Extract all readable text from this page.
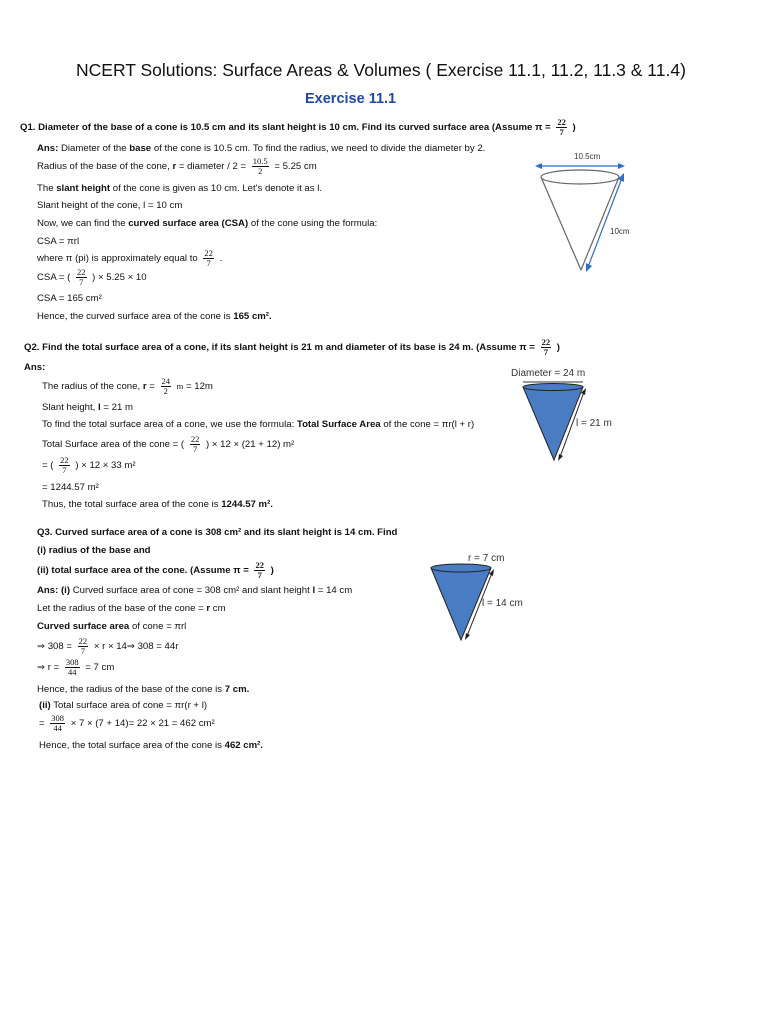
NCERT Solutions: Surface Areas & Volumes ( Exercise 11.1, 11.2, 11.3 & 11.4)
Exercise 11.1
Q1. Diameter of the base of a cone is 10.5 cm and its slant height is 10 cm. Find its curved surface area (Assume $\pi = \frac{22}{7}$ )
Ans: Diameter of the base of the cone is 10.5 cm. To find the radius, we need to divide the diameter by 2.
Radius of the base of the cone, r = diameter / $2 = \frac{10.5}{2} = 5.25$ cm
The slant height of the cone is given as 10 cm. Let's denote it as l.
Slant height of the cone, l = 10 cm
Now, we can find the curved surface area (CSA) of the cone using the formula:
CSA = πrl
where π (pi) is approximately equal to $\frac{22}{7}$ .
CSA = ( $\frac{22}{7}$ ) × 5.25 × 10
CSA = 165 cm²
Hence, the curved surface area of the cone is 165 cm².
10.5cm
10cm
Q2. Find the total surface area of a cone, if its slant height is 21 m and diameter of its base is 24 m. (Assume $\pi = \frac{22}{7}$ )
Ans:
The radius of the cone, $r = \frac{24}{2}$ m = 12m
Slant height, l = 21 m
To find the total surface area of a cone, we use the formula: Total Surface Area of the cone = πr(l + r)
Total Surface area of the cone = ( $\frac{22}{7}$ ) × 12 × (21 + 12) m²
= ( $\frac{22}{7}$ ) × 12 × 33 m²
= 1244.57 m²
Thus, the total surface area of the cone is 1244.57 m².
Diameter = 24 m
l = 21 m
Q3. Curved surface area of a cone is 308 cm² and its slant height is 14 cm. Find
(i) radius of the base and
(ii) total surface area of the cone. (Assume $\pi = \frac{22}{7}$ )
Ans: (i) Curved surface area of cone = 308 cm² and slant height l = 14 cm
Let the radius of the base of the cone = r cm
Curved surface area of cone = πrl
⇒ $308 = \frac{22}{7} \times r$ × 14⇒ 308 = 44r
⇒ $r = \frac{308}{44} = 7$ cm
Hence, the radius of the base of the cone is 7 cm.
(ii) Total surface area of cone = πr(r + l)
= $\frac{308}{44} \times 7 \times (7 + 14)= 22 \times 21 = 462$ cm²
Hence, the total surface area of the cone is 462 cm².
r = 7 cm
l = 14 cm
